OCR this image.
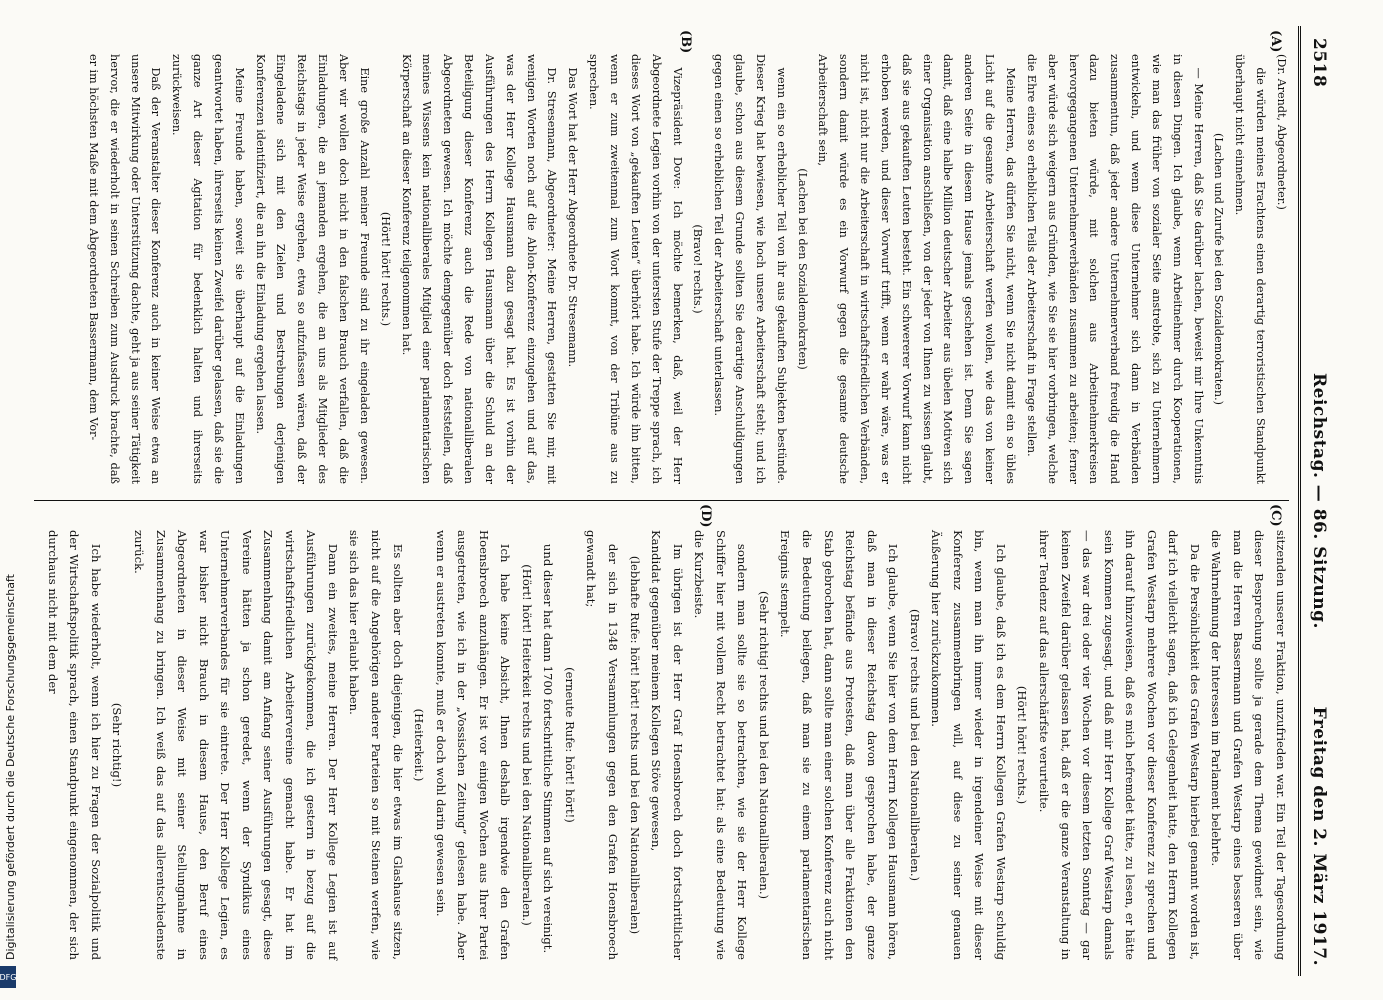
2518
Reichstag. — 86. Sitzung.
Freitag den 2. März 1917.

(Dr. Arendt, Abgeordneter.)

die würden meines Erachtens einen derartig terroristischen Standpunkt überhaupt nicht einnehmen.

(Lachen und Zurufe bei den Sozialdemokraten.)

— Meine Herren, daß Sie darüber lachen, beweist mir Ihre Unkenntnis in diesen Dingen. Ich glaube, wenn Arbeitnehmer durch Kooperationen, wie man das früher von sozialer Seite anstrebte, sich zu Unternehmern entwickeln, und wenn diese Unternehmer sich dann in Verbänden zusammentun, daß jeder andere Unternehmerverband freudig die Hand dazu bieten würde, mit solchen aus Arbeitnehmerkreisen hervorgegangenen Unternehmerverbänden zusammen zu arbeiten; ferner aber würde sich weigern aus Gründen, wie Sie sie hier vorbringen, welche die Ehre eines so erheblichen Teils der Arbeiterschaft in Frage stellen.

Meine Herren, das dürfen Sie nicht, wenn Sie nicht damit ein so übles Licht auf die gesamte Arbeiterschaft werfen wollen, wie das von keiner anderen Seite in diesem Hause jemals geschehen ist. Denn Sie sagen damit, daß eine halbe Million deutscher Arbeiter aus übelen Motiven sich einer Organisation anschließen, von der jeder von Ihnen zu wissen glaubt, daß sie aus gekauften Leuten besteht. Ein schwererer Vorwurf kann nicht erhoben werden, und dieser Vorwurf trifft, wenn er wahr wäre, was er nicht ist, nicht nur die Arbeiterschaft in wirtschaftsfriedlichen Verbänden, sondern damit würde es ein Vorwurf gegen die gesamte deutsche Arbeiterschaft sein,

(Lachen bei den Sozialdemokraten)

wenn ein so erheblicher Teil von ihr aus gekauften Subjekten bestünde. Dieser Krieg hat bewiesen, wie hoch unsere Arbeiterschaft steht; und ich glaube, schon aus diesem Grunde sollten Sie derartige Anschuldigungen gegen einen so erheblichen Teil der Arbeiterschaft unterlassen.

(Bravo! rechts.)

Vizepräsident Dove: Ich möchte bemerken, daß, weil der Herr Abgeordnete Legien vorhin von der untersten Stufe der Treppe sprach, ich dieses Wort von „gekauften Leuten“ überhört habe. Ich würde ihn bitten, wenn er zum zweitenmal zum Wort kommt, von der Tribüne aus zu sprechen.

Das Wort hat der Herr Abgeordnete Dr. Stresemann.

Dr. Stresemann, Abgeordneter: Meine Herren, gestatten Sie mir, mit wenigen Worten noch auf die Ablon-Konferenz einzugehen und auf das, was der Herr Kollege Hausmann dazu gesagt hat. Es ist vorhin der Ausführungen des Herrn Kollegen Hausmann über die Schuld an der Beteiligung dieser Konferenz auch die Rede von nationalliberalen Abgeordneten gewesen. Ich möchte demgegenüber doch feststellen, daß meines Wissens kein nationalliberales Mitglied einer parlamentarischen Körperschaft an dieser Konferenz teilgenommen hat.

(Hört! hört! rechts.)

Eine große Anzahl meiner Freunde sind zu ihr eingeladen gewesen. Aber wir wollen doch nicht in den falschen Brauch verfallen, daß die Einladungen, die an jemanden ergehen, die an uns als Mitglieder des Reichstags in jeder Weise ergehen, etwa so aufzufassen wären, daß der Eingeladene sich mit den Zielen und Bestrebungen derjenigen Konferenzen identifiziert, die an ihn die Einladung ergehen lassen.

Meine Freunde haben, soweit sie überhaupt auf die Einladungen geantwortet haben, ihrerseits keinen Zweifel darüber gelassen, daß sie die ganze Art dieser Agitation für bedenklich halten und ihrerseits zurückweisen.

Daß der Veranstalter dieser Konferenz auch in keiner Weise etwa an unsere Mitwirkung oder Unterstützung dachte, geht ja aus seiner Tätigkeit hervor, die er wiederholt in seinen Schreiben zum Ausdruck brachte, daß er im höchsten Maße mit dem Abgeordneten Bassermann, dem Vor-

sitzenden unserer Fraktion, unzufrieden war. Ein Teil der Tagesordnung dieser Besprechung sollte ja gerade dem Thema gewidmet sein, wie man die Herren Bassermann und Grafen Westarp eines besseren über die Wahrnehmung der Interessen im Parlament belehrte.

Da die Persönlichkeit des Grafen Westarp hierbei genannt worden ist, darf ich vielleicht sagen, daß ich Gelegenheit hatte, den Herrn Kollegen Grafen Westarp mehrere Wochen vor dieser Konferenz zu sprechen und ihn darauf hinzuweisen, daß es mich befremdet hätte, zu lesen, er hätte sein Kommen zugesagt, und daß mir Herr Kollege Graf Westarp damals — das war drei oder vier Wochen vor diesem letzten Sonntag — gar keinen Zweifel darüber gelassen hat, daß er die ganze Veranstaltung in ihrer Tendenz auf das allerschärfste verurteilte.

(Hört! hört! rechts.)

Ich glaube, daß ich es dem Herrn Kollegen Grafen Westarp schuldig bin, wenn man ihn immer wieder in irgendeiner Weise mit dieser Konferenz zusammenbringen will, auf diese zu seiner genauen Äußerung hier zurückzukommen.

(Bravo! rechts und bei den Nationalliberalen.)

Ich glaube, wenn Sie hier von dem Herrn Kollegen Hausmann hören, daß man in dieser Reichstag davon gesprochen habe, der ganze Reichstag befände aus Protesten, daß man über alle Fraktionen den Stab gebrochen hat, dann sollte man einer solchen Konferenz auch nicht die Bedeutung beilegen, daß man sie zu einem parlamentarischen Ereignis stempelt.

(Sehr richtig! rechts und bei den Nationalliberalen.)

sondern man sollte sie so betrachten, wie sie der Herr Kollege Schiffer hier mit vollem Recht betrachtet hat: als eine Bedeutung wie die Kurzbeiste.

Im übrigen ist der Herr Graf Hoensbroech doch fortschrittlicher Kandidat gegenüber meinem Kollegen Stöve gewesen,

(lebhafte Rufe: hört! hört! rechts und bei den Nationalliberalen)

der sich in 1348 Versammlungen gegen den Grafen Hoensbroech gewandt hat;

(erneute Rufe: hört! hört!)

und dieser hat dann 1700 fortschrittliche Stimmen auf sich vereinigt.

(Hört! hört! Heiterkeit rechts und bei den Nationalliberalen.)

Ich habe keine Absicht, Ihnen deshalb irgendwie den Grafen Hoensbroech anzuhängen. Er ist vor einigen Wochen aus Ihrer Partei ausgetreten, wie ich in der „Vossischen Zeitung“ gelesen habe. Aber wenn er austreten konnte, muß er doch wohl darin gewesen sein.

(Heiterkeit.)

Es sollten aber doch diejenigen, die hier etwas im Glashause sitzen, nicht auf die Angehörigen anderer Parteien so mit Steinen werfen, wie sie sich das hier erlaubt haben.

Dann ein zweites, meine Herren. Der Herr Kollege Legien ist auf Ausführungen zurückgekommen, die ich gestern in bezug auf die wirtschaftsfriedlichen Arbeitervereine gemacht habe. Er hat im Zusammenhang damit am Anfang seiner Ausführungen gesagt, diese Vereine hätten ja schon geredet, wenn der Syndikus eines Unternehmerverbandes für sie eintrete. Der Herr Kollege Legien, es war bisher nicht Brauch in diesem Hause, den Beruf eines Abgeordneten in dieser Weise mit seiner Stellungnahme in Zusammenhang zu bringen. Ich weiß das auf das allerentschiedenste zurück.

(Sehr richtig!)

Ich habe wiederholt, wenn ich hier zu Fragen der Sozialpolitik und der Wirtschaftspolitik sprach, einen Standpunkt eingenommen, der sich durchaus nicht mit dem der

(A)
(B)
(C)
(D)
Digitalisierung gefördert durch die Deutsche Forschungsgemeinschaft
DFG
